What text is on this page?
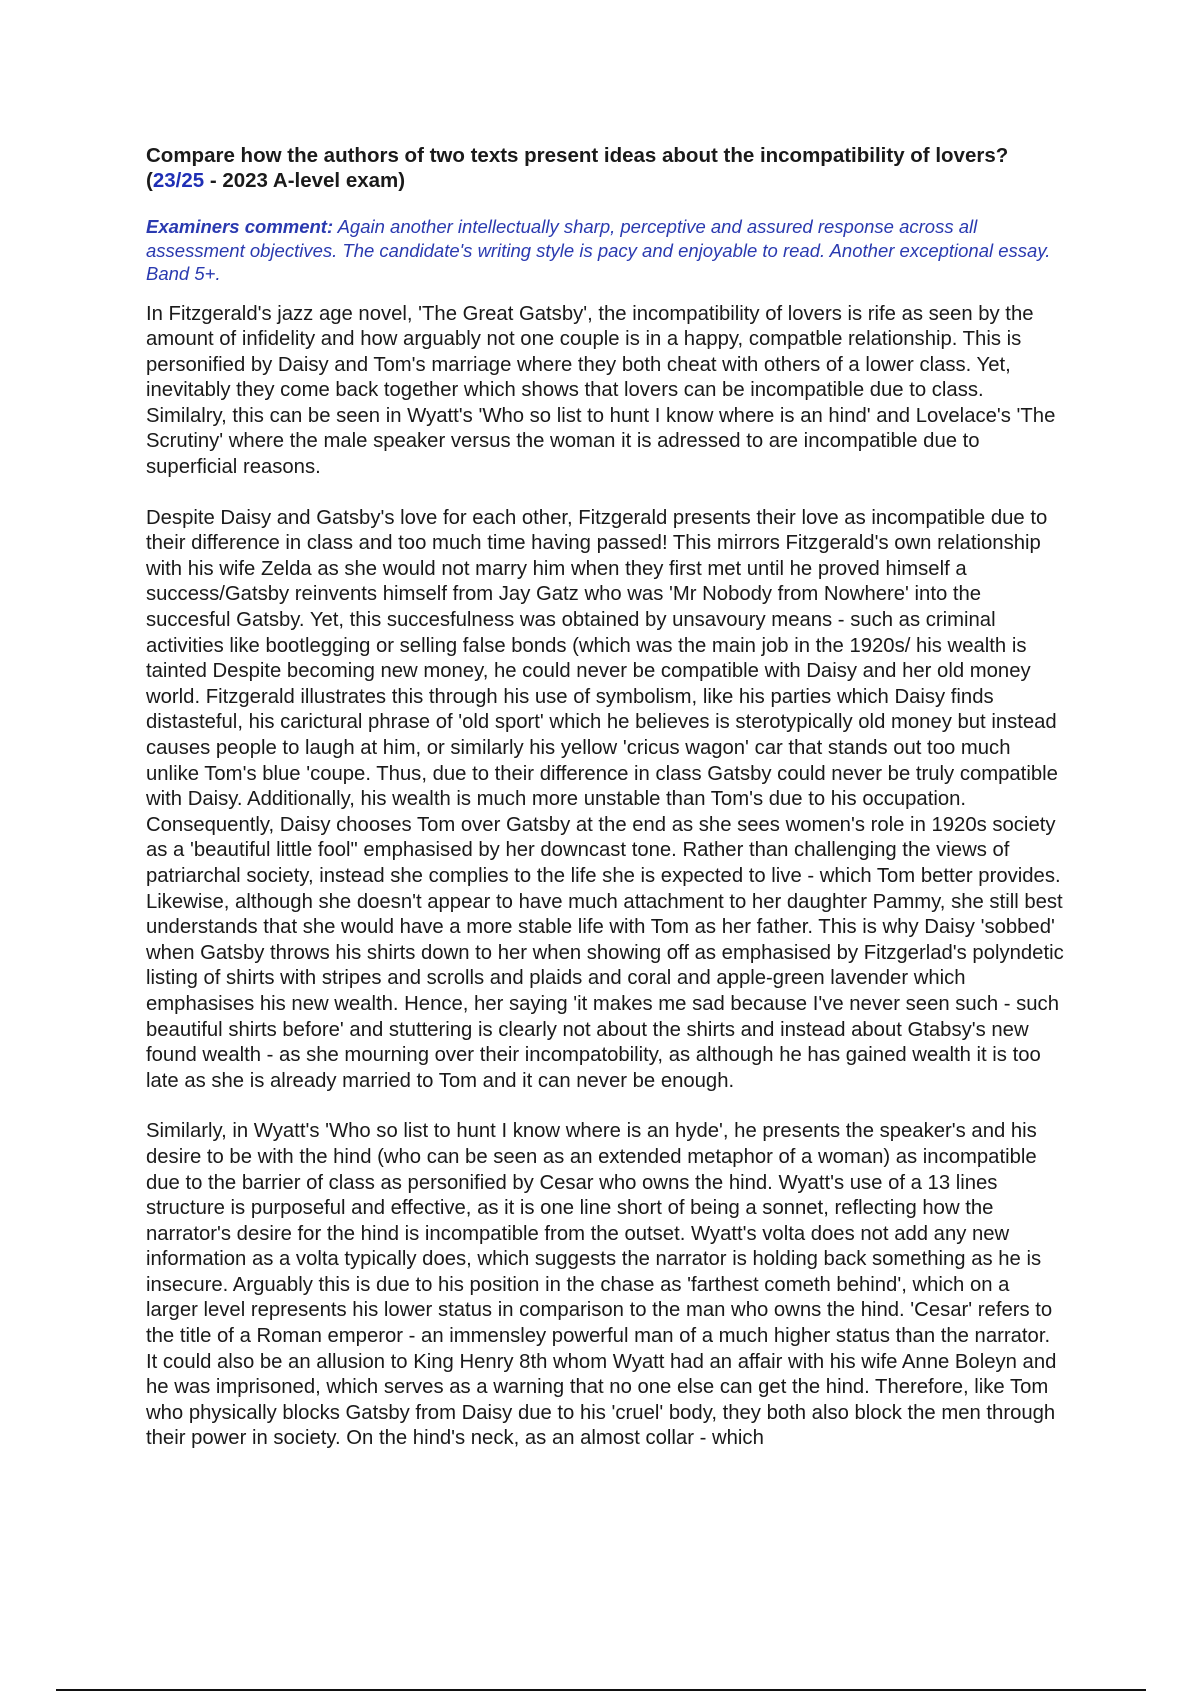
Compare how the authors of two texts present ideas about the incompatibility of lovers? (23/25 - 2023 A-level exam)

Examiners comment: Again another intellectually sharp, perceptive and assured response across all assessment objectives. The candidate's writing style is pacy and enjoyable to read. Another exceptional essay. Band 5+.

In Fitzgerald's jazz age novel, 'The Great Gatsby', the incompatibility of lovers is rife as seen by the amount of infidelity and how arguably not one couple is in a happy, compatble relationship. This is personified by Daisy and Tom's marriage where they both cheat with others of a lower class. Yet, inevitably they come back together which shows that lovers can be incompatible due to class. Similalry, this can be seen in Wyatt's 'Who so list to hunt I know where is an hind' and Lovelace's 'The Scrutiny' where the male speaker versus the woman it is adressed to are incompatible due to superficial reasons.

Despite Daisy and Gatsby's love for each other, Fitzgerald presents their love as incompatible due to their difference in class and too much time having passed! This mirrors Fitzgerald's own relationship with his wife Zelda as she would not marry him when they first met until he proved himself a success/Gatsby reinvents himself from Jay Gatz who was 'Mr Nobody from Nowhere' into the succesful Gatsby. Yet, this succesfulness was obtained by unsavoury means - such as criminal activities like bootlegging or selling false bonds (which was the main job in the 1920s/ his wealth is tainted Despite becoming new money, he could never be compatible with Daisy and her old money world. Fitzgerald illustrates this through his use of symbolism, like his parties which Daisy finds distasteful, his carictural phrase of 'old sport' which he believes is sterotypically old money but instead causes people to laugh at him, or similarly his yellow 'cricus wagon' car that stands out too much unlike Tom's blue 'coupe. Thus, due to their difference in class Gatsby could never be truly compatible with Daisy. Additionally, his wealth is much more unstable than Tom's due to his occupation. Consequently, Daisy chooses Tom over Gatsby at the end as she sees women's role in 1920s society as a 'beautiful little fool" emphasised by her downcast tone. Rather than challenging the views of patriarchal society, instead she complies to the life she is expected to live - which Tom better provides. Likewise, although she doesn't appear to have much attachment to her daughter Pammy, she still best understands that she would have a more stable life with Tom as her father. This is why Daisy 'sobbed' when Gatsby throws his shirts down to her when showing off as emphasised by Fitzgerlad's polyndetic listing of shirts with stripes and scrolls and plaids and coral and apple-green lavender which emphasises his new wealth. Hence, her saying 'it makes me sad because I've never seen such - such beautiful shirts before' and stuttering is clearly not about the shirts and instead about Gtabsy's new found wealth - as she mourning over their incompatobility, as although he has gained wealth it is too late as she is already married to Tom and it can never be enough.

Similarly, in Wyatt's 'Who so list to hunt I know where is an hyde', he presents the speaker's and his desire to be with the hind (who can be seen as an extended metaphor of a woman) as incompatible due to the barrier of class as personified by Cesar who owns the hind. Wyatt's use of a 13 lines structure is purposeful and effective, as it is one line short of being a sonnet, reflecting how the narrator's desire for the hind is incompatible from the outset. Wyatt's volta does not add any new information as a volta typically does, which suggests the narrator is holding back something as he is insecure. Arguably this is due to his position in the chase as 'farthest cometh behind', which on a larger level represents his lower status in comparison to the man who owns the hind. 'Cesar' refers to the title of a Roman emperor - an immensley powerful man of a much higher status than the narrator. It could also be an allusion to King Henry 8th whom Wyatt had an affair with his wife Anne Boleyn and he was imprisoned, which serves as a warning that no one else can get the hind. Therefore, like Tom who physically blocks Gatsby from Daisy due to his 'cruel' body, they both also block the men through their power in society. On the hind's neck, as an almost collar - which
